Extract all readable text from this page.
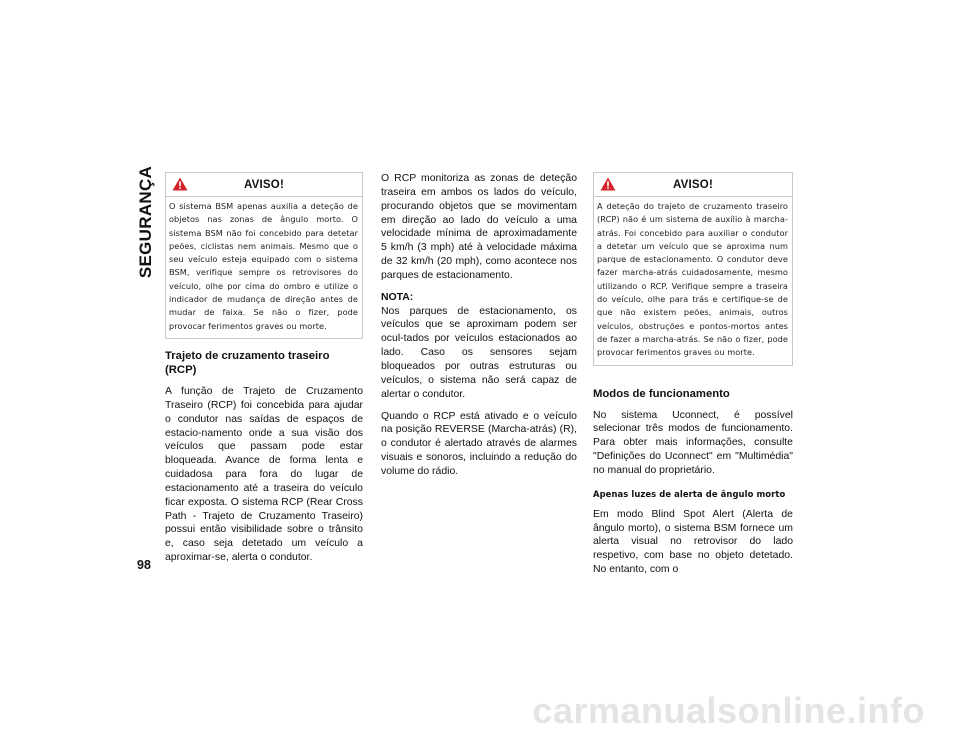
SEGURANÇA
98
AVISO!
O sistema BSM apenas auxilia a deteção de objetos nas zonas de ângulo morto. O sistema BSM não foi concebido para detetar peões, ciclistas nem animais. Mesmo que o seu veículo esteja equipado com o sistema BSM, verifique sempre os retrovisores do veículo, olhe por cima do ombro e utilize o indicador de mudança de direção antes de mudar de faixa. Se não o fizer, pode provocar ferimentos graves ou morte.
Trajeto de cruzamento traseiro (RCP)

A função de Trajeto de Cruzamento Traseiro (RCP) foi concebida para ajudar o condutor nas saídas de espaços de estacio-namento onde a sua visão dos veículos que passam pode estar bloqueada. Avance de forma lenta e cuidadosa para fora do lugar de estacionamento até a traseira do veículo ficar exposta. O sistema RCP (Rear Cross Path - Trajeto de Cruzamento Traseiro) possui então visibilidade sobre o trânsito e, caso seja detetado um veículo a aproximar-se, alerta o condutor.

O RCP monitoriza as zonas de deteção traseira em ambos os lados do veículo, procurando objetos que se movimentam em direção ao lado do veículo a uma velocidade mínima de aproximadamente 5 km/h (3 mph) até à velocidade máxima de 32 km/h (20 mph), como acontece nos parques de estacionamento.

NOTA:

Nos parques de estacionamento, os veículos que se aproximam podem ser ocul-tados por veículos estacionados ao lado. Caso os sensores sejam bloqueados por outras estruturas ou veículos, o sistema não será capaz de alertar o condutor.

Quando o RCP está ativado e o veículo na posição REVERSE (Marcha-atrás) (R), o condutor é alertado através de alarmes visuais e sonoros, incluindo a redução do volume do rádio.

AVISO!
A deteção do trajeto de cruzamento traseiro (RCP) não é um sistema de auxílio à marcha-atrás. Foi concebido para auxiliar o condutor a detetar um veículo que se aproxima num parque de estacionamento. O condutor deve fazer marcha-atrás cuidadosamente, mesmo utilizando o RCP. Verifique sempre a traseira do veículo, olhe para trás e certifique-se de que não existem peões, animais, outros veículos, obstruções e pontos-mortos antes de fazer a marcha-atrás. Se não o fizer, pode provocar ferimentos graves ou morte.
Modos de funcionamento

No sistema Uconnect, é possível selecionar três modos de funcionamento. Para obter mais informações, consulte "Definições do Uconnect" em "Multimédia" no manual do proprietário.

Apenas luzes de alerta de ângulo morto

Em modo Blind Spot Alert (Alerta de ângulo morto), o sistema BSM fornece um alerta visual no retrovisor do lado respetivo, com base no objeto detetado. No entanto, com o

carmanualsonline.info
